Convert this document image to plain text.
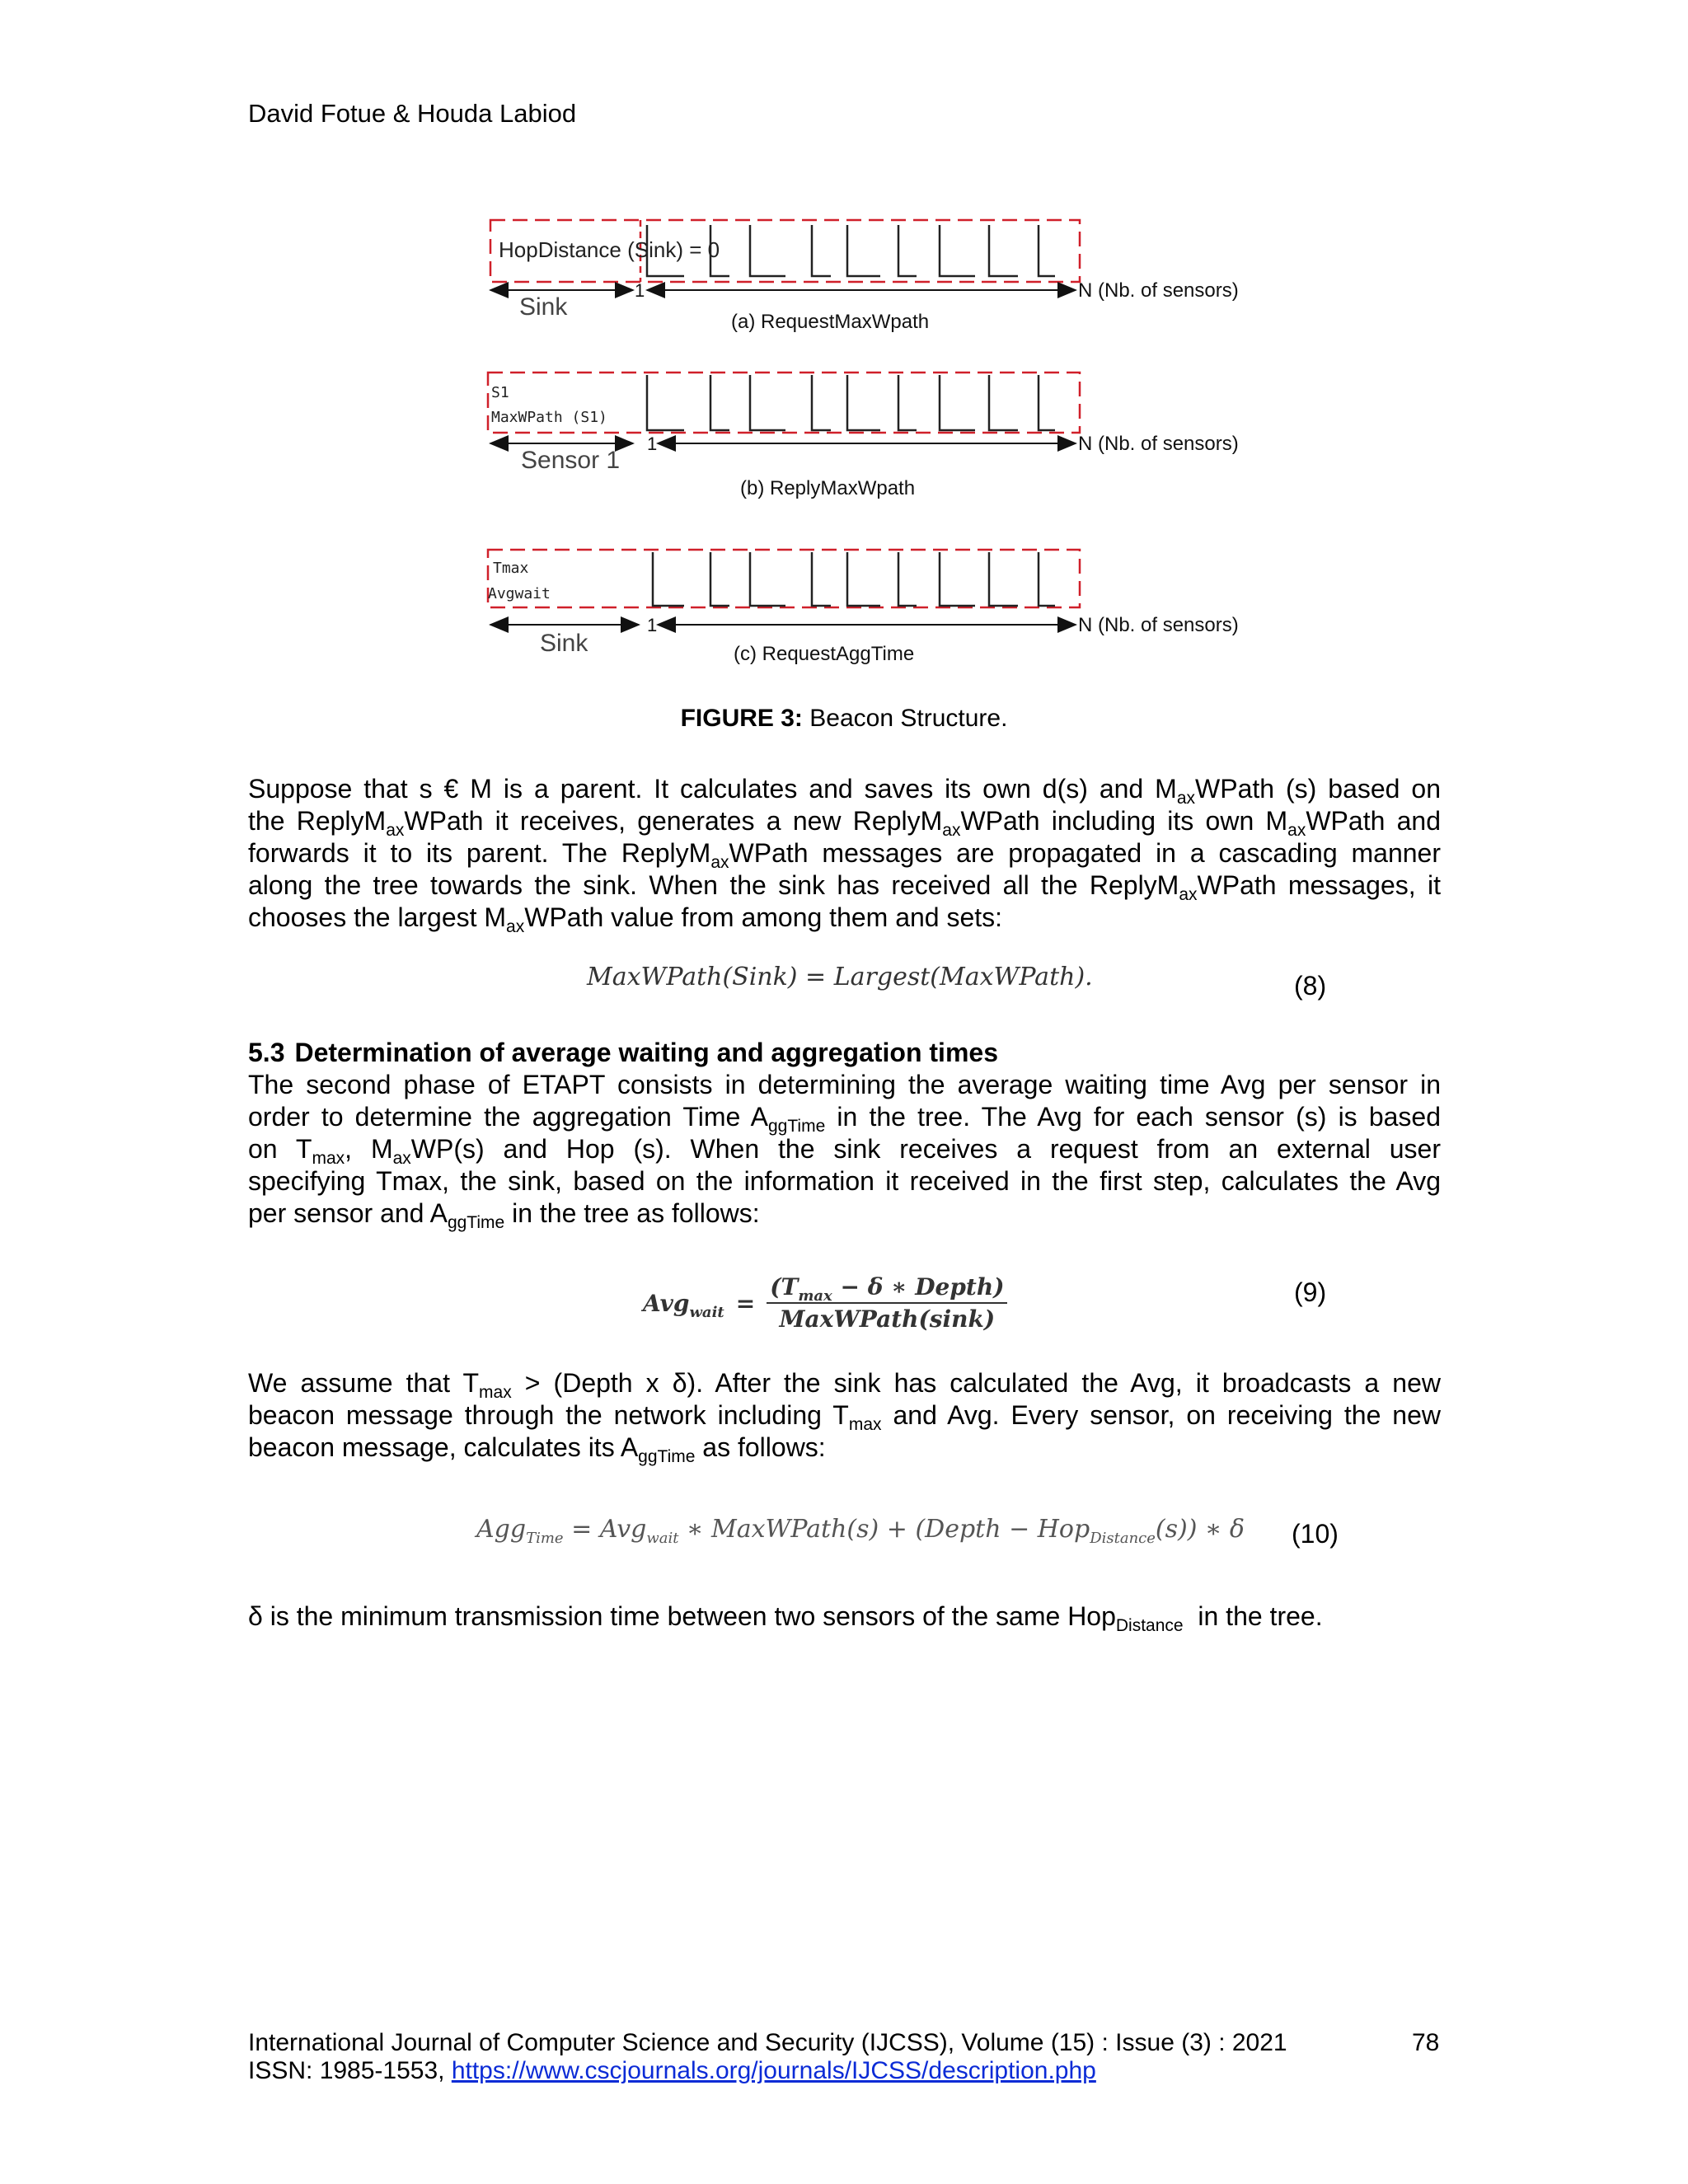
David Fotue & Houda Labiod
HopDistance (Sink) = 0
1	N (Nb. of sensors)
Sink
(a) RequestMaxWpath
S1
MaxWPath (S1)
1	N (Nb. of sensors)
Sensor 1
(b) ReplyMaxWpath
Tmax
Avgwait
1	N (Nb. of sensors)
Sink	(c) RequestAggTime
FIGURE 3: Beacon Structure.
Suppose that s € M is a parent. It calculates and saves its own d(s) and $M_{ax}WPath$ (s) based on
the ReplyM$_{ax}$WPath it receives, generates a new ReplyM$_{ax}$WPath including its own $M_{ax}WPath$ and
forwards it to its parent. The ReplyM$_{ax}$WPath messages are propagated in a cascading manner
along the tree towards the sink. When the sink has received all the ReplyM$_{ax}$WPath messages, it
chooses the largest $M_{ax}WPath$ value from among them and sets:
MaxWPath(Sink) = Largest(MaxWPath).	(8)
5.3 Determination of average waiting and aggregation times
The second phase of ETAPT consists in determining the average waiting time Avg per sensor in
order to determine the aggregation Time $A_{ggTime}$ in the tree. The Avg for each sensor (s) is based
on $T_{max}$, $M_{ax}WP(s)$ and Hop (s). When the sink receives a request from an external user
specifying Tmax, the sink, based on the information it received in the first step, calculates the Avg
per sensor and $A_{ggTime}$ in the tree as follows:
Avg$_{wait}$ =
($T_{max} - \delta$ ∗ Depth)
MaxWPath(sink)
(9)
We assume that $T_{max}$ > (Depth x δ). After the sink has calculated the Avg, it broadcasts a new
beacon message through the network including $T_{max}$ and Avg. Every sensor, on receiving the new
beacon message, calculates its $A_{ggTime}$ as follows:
Agg$_{Time}$ = Avg$_{wait}$ ∗ MaxWPath(s) + (Depth − Hop$_{Distance}$(s)) ∗ δ (10)
δ is the minimum transmission time between two sensors of the same Hop$_{Distance}$  in the tree.
International Journal of Computer Science and Security (IJCSS), Volume (15) : Issue (3) : 2021	78
ISSN: 1985-1553, https://www.cscjournals.org/journals/IJCSS/description.php
